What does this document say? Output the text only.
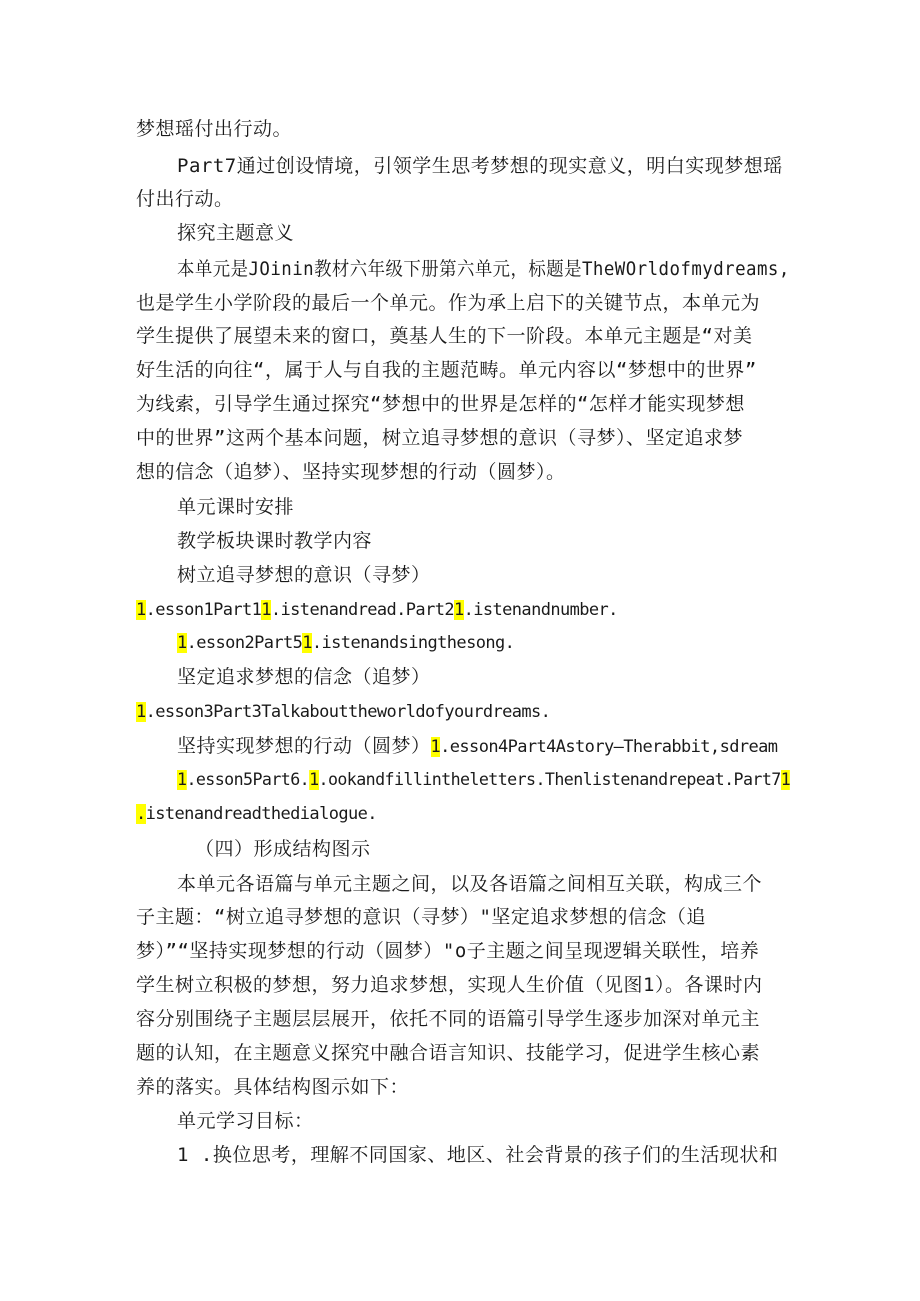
梦想瑶付出行动。
Part7通过创设情境，引领学生思考梦想的现实意义，明白实现梦想瑶
付出行动。
探究主题意义
本单元是JOinin教材六年级下册第六单元，标题是TheWOrldofmydreams,
也是学生小学阶段的最后一个单元。作为承上启下的关键节点，本单元为
学生提供了展望未来的窗口，奠基人生的下一阶段。本单元主题是“对美
好生活的向往“，属于人与自我的主题范畴。单元内容以“梦想中的世界”
为线索，引导学生通过探究“梦想中的世界是怎样的“怎样才能实现梦想
中的世界”这两个基本问题，树立追寻梦想的意识（寻梦）、坚定追求梦
想的信念（追梦）、坚持实现梦想的行动（圆梦）。
单元课时安排
教学板块课时教学内容
树立追寻梦想的意识（寻梦）
1.esson1Part11.istenandread.Part21.istenandnumber.
1.esson2Part51.istenandsingthesong.
坚定追求梦想的信念（追梦）
1.esson3Part3Talkabouttheworldofyourdreams.
坚持实现梦想的行动（圆梦）1.esson4Part4Astory—Therabbit,sdream
1.esson5Part6.1.ookandfillintheletters.Thenlistenandrepeat.Part71
.istenandreadthedialogue.
（四）形成结构图示
本单元各语篇与单元主题之间，以及各语篇之间相互关联，构成三个
子主题：“树立追寻梦想的意识（寻梦）"坚定追求梦想的信念（追
梦）”“坚持实现梦想的行动（圆梦）"o子主题之间呈现逻辑关联性，培养
学生树立积极的梦想，努力追求梦想，实现人生价值（见图1）。各课时内
容分别围绕子主题层层展开，依托不同的语篇引导学生逐步加深对单元主
题的认知，在主题意义探究中融合语言知识、技能学习，促进学生核心素
养的落实。具体结构图示如下：
单元学习目标：
1 .换位思考，理解不同国家、地区、社会背景的孩子们的生活现状和
